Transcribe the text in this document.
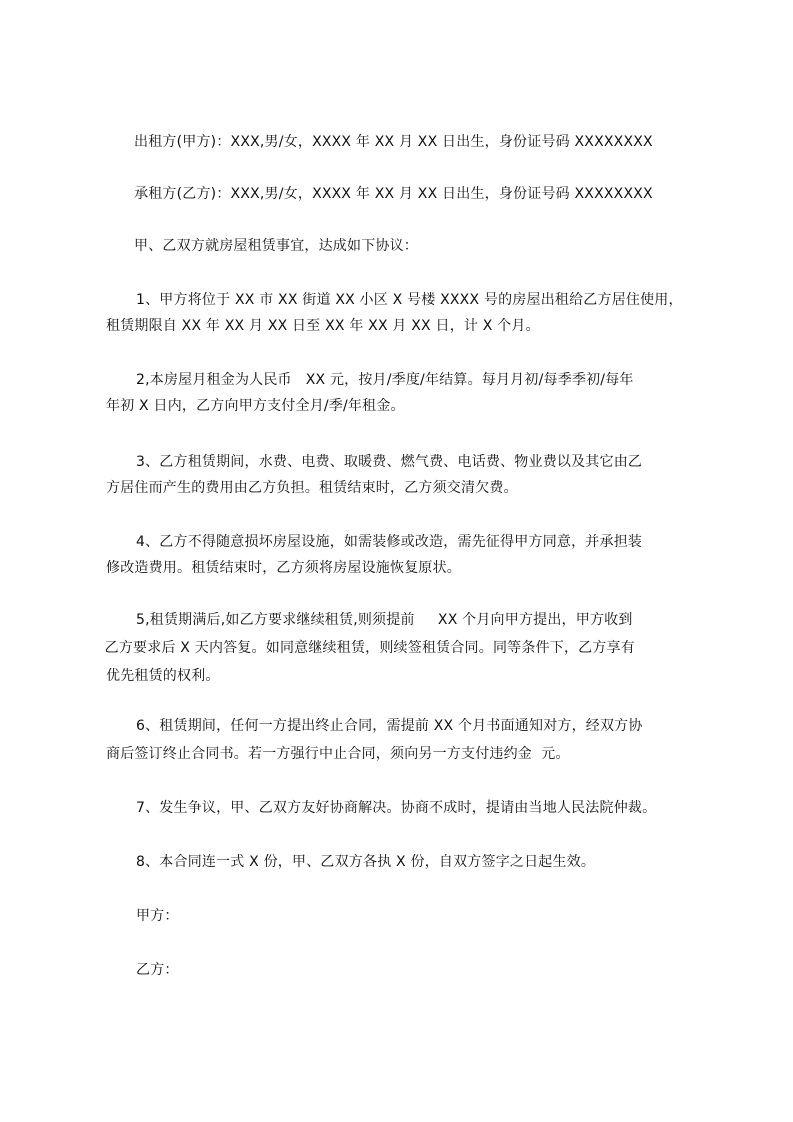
出租方(甲方)：XXX,男/女，XXXX 年 XX 月 XX 日出生，身份证号码 XXXXXXXX

承租方(乙方)：XXX,男/女，XXXX 年 XX 月 XX 日出生，身份证号码 XXXXXXXX

甲、乙双方就房屋租赁事宜，达成如下协议：

1、甲方将位于 XX 市 XX 街道 XX 小区 X 号楼 XXXX 号的房屋出租给乙方居住使用，

租赁期限自 XX 年 XX 月 XX 日至 XX 年 XX 月 XX 日，计 X 个月。

2,本房屋月租金为人民币   XX 元，按月/季度/年结算。每月月初/每季季初/每年

年初 X 日内，乙方向甲方支付全月/季/年租金。

3、乙方租赁期间，水费、电费、取暖费、燃气费、电话费、物业费以及其它由乙

方居住而产生的费用由乙方负担。租赁结束时，乙方须交清欠费。

4、乙方不得随意损坏房屋设施，如需装修或改造，需先征得甲方同意，并承担装

修改造费用。租赁结束时，乙方须将房屋设施恢复原状。

5,租赁期满后,如乙方要求继续租赁,则须提前     XX 个月向甲方提出，甲方收到

乙方要求后 X 天内答复。如同意继续租赁，则续签租赁合同。同等条件下，乙方享有

优先租赁的权利。

6、租赁期间，任何一方提出终止合同，需提前 XX 个月书面通知对方，经双方协

商后签订终止合同书。若一方强行中止合同，须向另一方支付违约金  元。

7、发生争议，甲、乙双方友好协商解决。协商不成时，提请由当地人民法院仲裁。

8、本合同连一式 X 份，甲、乙双方各执 X 份，自双方签字之日起生效。

甲方：

乙方：
